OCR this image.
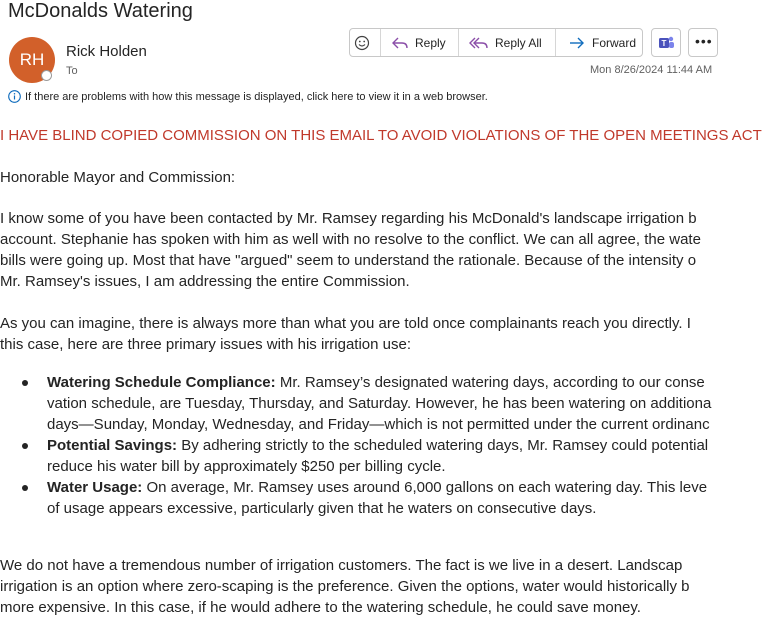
McDonalds Watering
RH Rick Holden
To
Reply	Reply All	Forward	T	•••
Mon 8/26/2024 11:44 AM
If there are problems with how this message is displayed, click here to view it in a web browser.
I HAVE BLIND COPIED COMMISSION ON THIS EMAIL TO AVOID VIOLATIONS OF THE OPEN MEETINGS ACT
Honorable Mayor and Commission:
I know some of you have been contacted by Mr. Ramsey regarding his McDonald's landscape irrigation b
account. Stephanie has spoken with him as well with no resolve to the conflict. We can all agree, the wate
bills were going up. Most that have "argued" seem to understand the rationale. Because of the intensity o
Mr. Ramsey's issues, I am addressing the entire Commission.
As you can imagine, there is always more than what you are told once complainants reach you directly. I
this case, here are three primary issues with his irrigation use:
Watering Schedule Compliance: Mr. Ramsey’s designated watering days, according to our conse
vation schedule, are Tuesday, Thursday, and Saturday. However, he has been watering on additiona
days—Sunday, Monday, Wednesday, and Friday—which is not permitted under the current ordinanc
Potential Savings: By adhering strictly to the scheduled watering days, Mr. Ramsey could potential
reduce his water bill by approximately $250 per billing cycle.
Water Usage: On average, Mr. Ramsey uses around 6,000 gallons on each watering day. This leve
of usage appears excessive, particularly given that he waters on consecutive days.
We do not have a tremendous number of irrigation customers. The fact is we live in a desert. Landscap
irrigation is an option where zero-scaping is the preference. Given the options, water would historically b
more expensive. In this case, if he would adhere to the watering schedule, he could save money.
